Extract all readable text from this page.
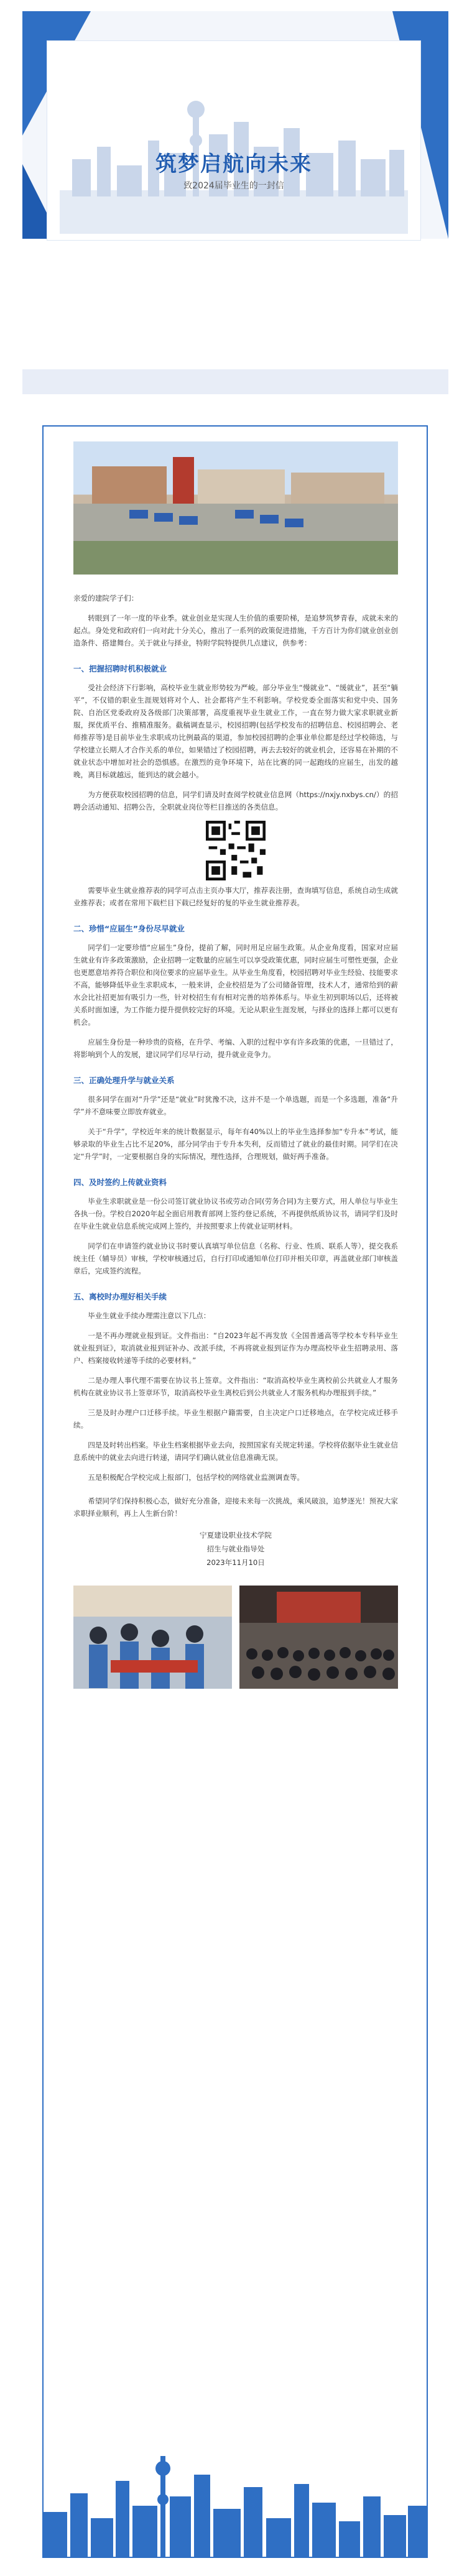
筑梦启航向未来
致2024届毕业生的一封信

亲爱的建院学子们：

转眼到了一年一度的毕业季。就业创业是实现人生价值的重要阶梯，是追梦筑梦青春，成就未来的起点。身处党和政府们一向对此十分关心，推出了一系列的政策促进措施，千方百计为你们就业创业创造条件、搭建舞台。关于就业与择业，特附学院特提供几点建议，供参考：

一、把握招聘时机积极就业

受社会经济下行影响，高校毕业生就业形势较为严峻。部分毕业生“慢就业”、“缓就业”，甚至“躺平”，不仅错的职业生涯规划将对个人、社会都将产生不利影响。学校党委全面落实和党中央、国务院、自治区党委政府及各级部门决策部署，高度重视毕业生就业工作，一直在努力做大家求职就业新服，探优质平台、推精准服务。截稿调查显示，校园招聘(包括学校发布的招聘信息、校园招聘会、老师推荐等)是目前毕业生求职成功比例最高的渠道，参加校园招聘的企事业单位都是经过学校筛选，与学校建立长期人才合作关系的单位，如果错过了校园招聘，再去去较好的就业机会，还容易在补期的不就业状态中增加对社会的恐惧感。在激烈的竞争环境下，站在比赛的同一起跑线的应届生，出发的越晚，离目标就越远，能到达的就会越小。

为方便获取校园招聘的信息，同学们请及时查阅学校就业信息网（https://nxjy.nxbys.cn/）的招聘会活动通知、招聘公告，全职就业岗位等栏目推送的各类信息。

需要毕业生就业推荐表的同学可点击主页办事大厅，推荐表注册，查询填写信息，系统自动生成就业推荐表；或者在常用下载栏目下载已经复好的复的毕业生就业推荐表。

二、珍惜“应届生”身份尽早就业

同学们一定要珍惜“应届生”身份，提前了解，同时用足应届生政策。从企业角度看，国家对应届生就业有许多政策激励，企业招聘一定数量的应届生可以享受政策优惠，同时应届生可塑性更强，企业也更愿意培养符合职位和岗位要求的应届毕业生。从毕业生角度看，校园招聘对毕业生经验、技能要求不高，能够降低毕业生求职成本，一般来讲，企业校招是为了公司储备管理，技术人才，通常给到的薪水会比社招更加有吸引力一些，针对校招生有有相对完善的培养体系与。毕业生初到职场以后，还将被关系时面加速，为工作能力提升提供较完好的环境。无论从职业生涯发展，与择业的选择上都可以更有机会。

应届生身份是一种珍贵的资格，在升学、考编、入职的过程中享有许多政策的优惠，一旦错过了，将影响到个人的发展，建议同学们尽早行动，提升就业竞争力。

三、正确处理升学与就业关系

很多同学在面对“升学”还是“就业”时犹豫不决，这并不是一个单选题，而是一个多选题，准备“升学”并不意味要立即放弃就业。

关于“升学”，学校近年来的统计数据显示，每年有40%以上的毕业生选择参加“专升本”考试，能够录取的毕业生占比不足20%，部分同学由于专升本失利，反而错过了就业的最佳时期。同学们在决定“升学”时，一定要根据自身的实际情况，理性选择，合理规划，做好两手准备。

四、及时签约上传就业资料

毕业生求职就业是一份公司签订就业协议书或劳动合同(劳务合同)为主要方式，用人单位与毕业生各执一份。学校自2020年起全面启用教育部网上签约登记系统，不再提供纸质协议书，请同学们及时在毕业生就业信息系统完成网上签约，并按照要求上传就业证明材料。

同学们在申请签约就业协议书时要认真填写单位信息（名称、行业、性质、联系人等），提交我系统主任（辅导员）审核，学校审核通过后，自行打印或通知单位打印并相关印章，再盖就业部门审核盖章后，完成签约流程。

五、离校时办理好相关手续

毕业生就业手续办理需注意以下几点：

一是不再办理就业报到证。文件指出：“自2023年起不再发放《全国普通高等学校本专科毕业生就业报到证》，取消就业报到证补办、改派手续，不再将就业报到证作为办理高校毕业生招聘录用、落户、档案接收转递等手续的必要材料。”

二是办理人事代理不需要在协议书上签章。文件指出：“取消高校毕业生离校前公共就业人才服务机构在就业协议书上签章环节，取消高校毕业生离校后到公共就业人才服务机构办理报到手续。”

三是及时办理户口迁移手续。毕业生根据户籍需要，自主决定户口迁移地点，在学校完成迁移手续。

四是及时转出档案。毕业生档案根据毕业去向，按照国家有关规定转递。学校将依据毕业生就业信息系统中的就业去向进行转递，请同学们确认就业信息准确无误。

五是积极配合学校完成上报部门，包括学校的网络就业监测调查等。

希望同学们保持积极心态，做好充分准备，迎接未来每一次挑战，乘风破浪，追梦逐光！预祝大家求职择业顺利，再上人生新台阶！

宁夏建设职业技术学院
招生与就业指导处
2023年11月10日
